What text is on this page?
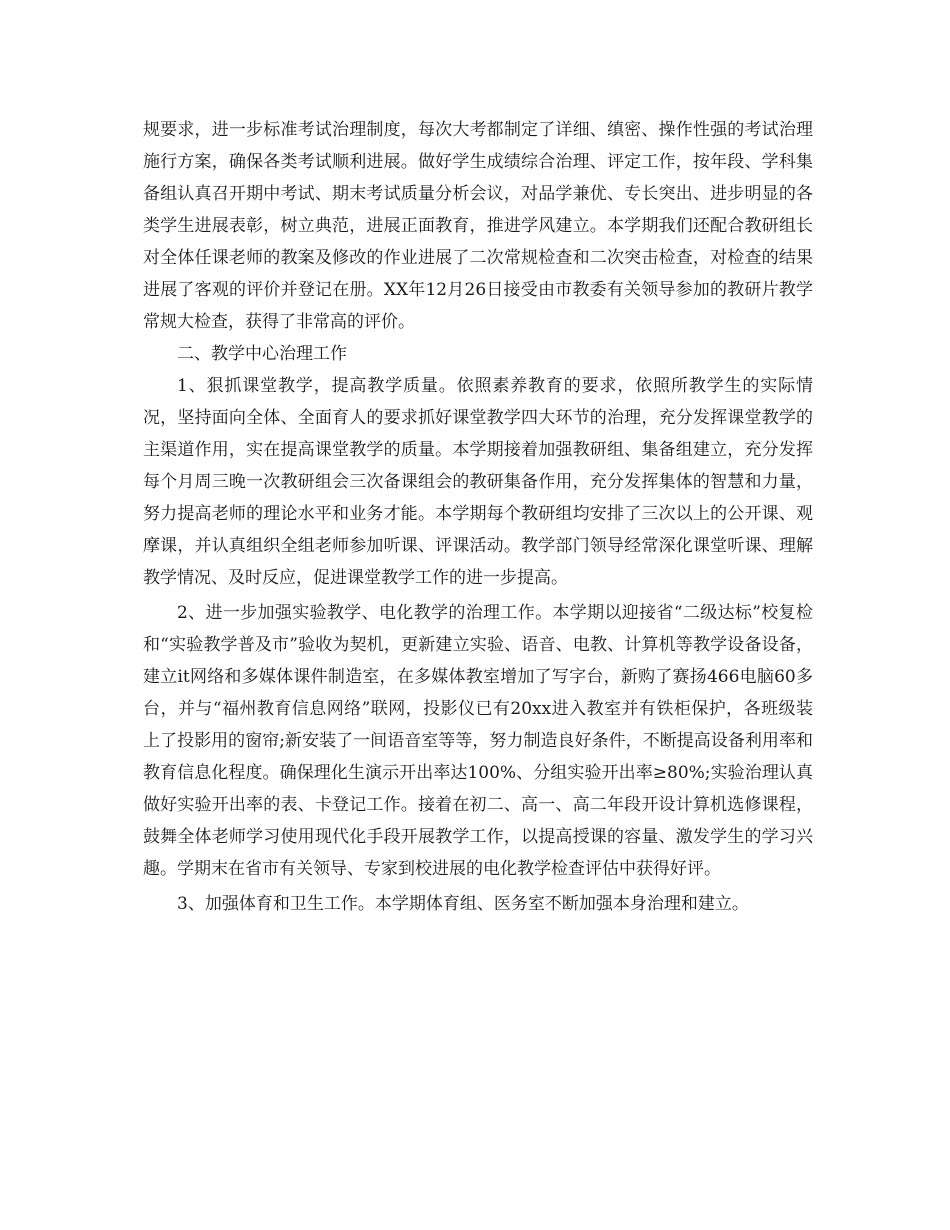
规要求，进一步标准考试治理制度，每次大考都制定了详细、缜密、操作性强的考试治理施行方案，确保各类考试顺利进展。做好学生成绩综合治理、评定工作，按年段、学科集备组认真召开期中考试、期末考试质量分析会议，对品学兼优、专长突出、进步明显的各类学生进展表彰，树立典范，进展正面教育，推进学风建立。本学期我们还配合教研组长对全体任课老师的教案及修改的作业进展了二次常规检查和二次突击检查，对检查的结果进展了客观的评价并登记在册。XX年12月26日接受由市教委有关领导参加的教研片教学常规大检查，获得了非常高的评价。

二、教学中心治理工作

1、狠抓课堂教学，提高教学质量。依照素养教育的要求，依照所教学生的实际情况，坚持面向全体、全面育人的要求抓好课堂教学四大环节的治理，充分发挥课堂教学的主渠道作用，实在提高课堂教学的质量。本学期接着加强教研组、集备组建立，充分发挥每个月周三晚一次教研组会三次备课组会的教研集备作用，充分发挥集体的智慧和力量，努力提高老师的理论水平和业务才能。本学期每个教研组均安排了三次以上的公开课、观摩课，并认真组织全组老师参加听课、评课活动。教学部门领导经常深化课堂听课、理解教学情况、及时反应，促进课堂教学工作的进一步提高。

2、进一步加强实验教学、电化教学的治理工作。本学期以迎接省“二级达标”校复检和“实验教学普及市”验收为契机，更新建立实验、语音、电教、计算机等教学设备设备，建立it网络和多媒体课件制造室，在多媒体教室增加了写字台，新购了赛扬466电脑60多台，并与“福州教育信息网络”联网，投影仪已有20xx进入教室并有铁柜保护，各班级装上了投影用的窗帘;新安装了一间语音室等等，努力制造良好条件，不断提高设备利用率和教育信息化程度。确保理化生演示开出率达100%、分组实验开出率≥80%;实验治理认真做好实验开出率的表、卡登记工作。接着在初二、高一、高二年段开设计算机选修课程，鼓舞全体老师学习使用现代化手段开展教学工作，以提高授课的容量、激发学生的学习兴趣。学期末在省市有关领导、专家到校进展的电化教学检查评估中获得好评。

3、加强体育和卫生工作。本学期体育组、医务室不断加强本身治理和建立。
